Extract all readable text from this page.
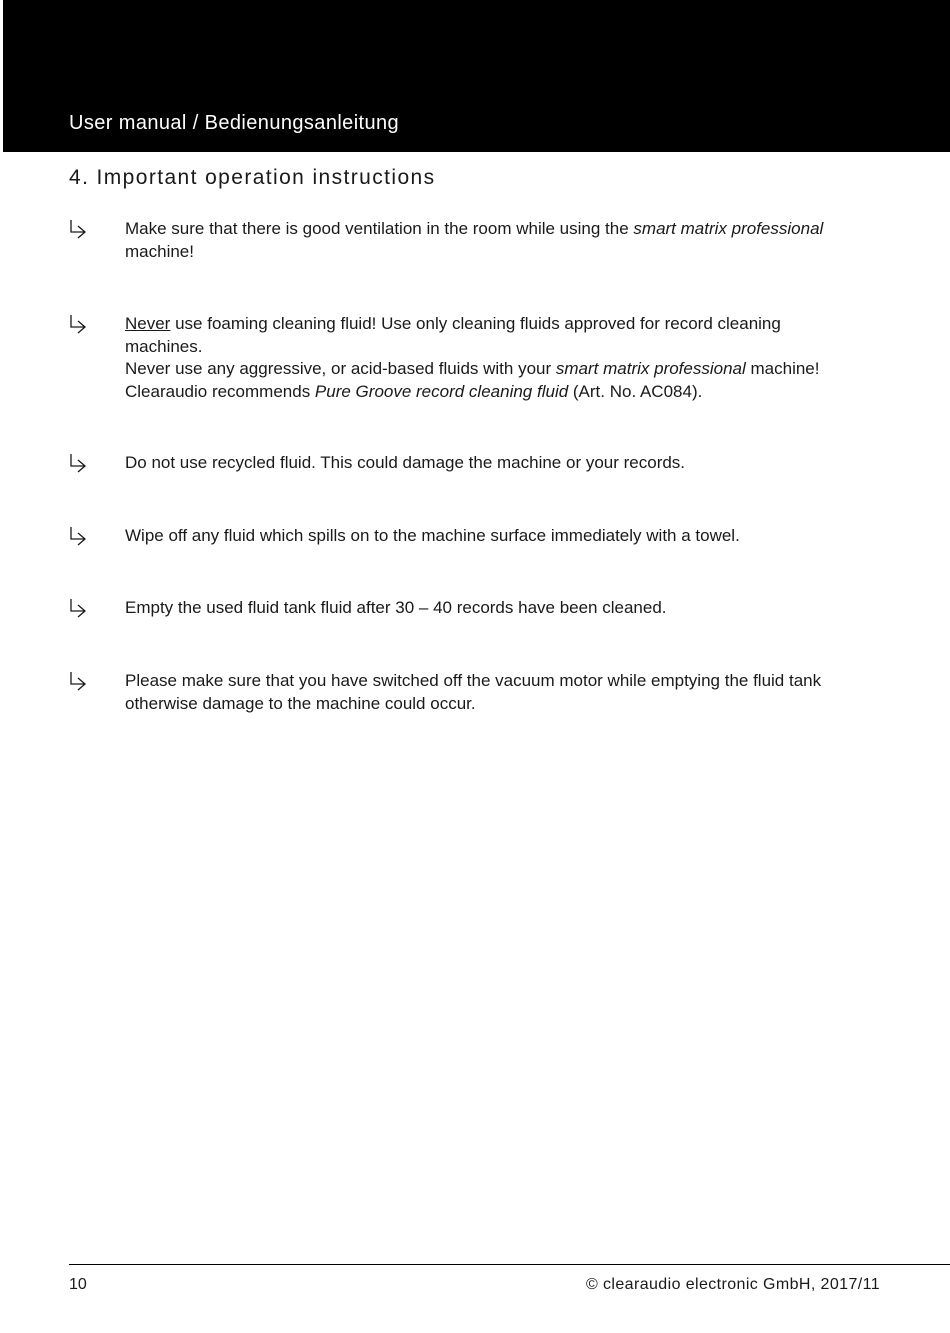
User manual / Bedienungsanleitung
4. Important operation instructions
Make sure that there is good ventilation in the room while using the smart matrix professional
machine!
Never use foaming cleaning fluid! Use only cleaning fluids approved for record cleaning
machines.
Never use any aggressive, or acid-based fluids with your smart matrix professional machine!
Clearaudio recommends Pure Groove record cleaning fluid (Art. No. AC084).
Do not use recycled fluid. This could damage the machine or your records.
Wipe off any fluid which spills on to the machine surface immediately with a towel.
Empty the used fluid tank fluid after 30 – 40 records have been cleaned.
Please make sure that you have switched off the vacuum motor while emptying the fluid tank
otherwise damage to the machine could occur.
10	© clearaudio electronic GmbH, 2017/11
